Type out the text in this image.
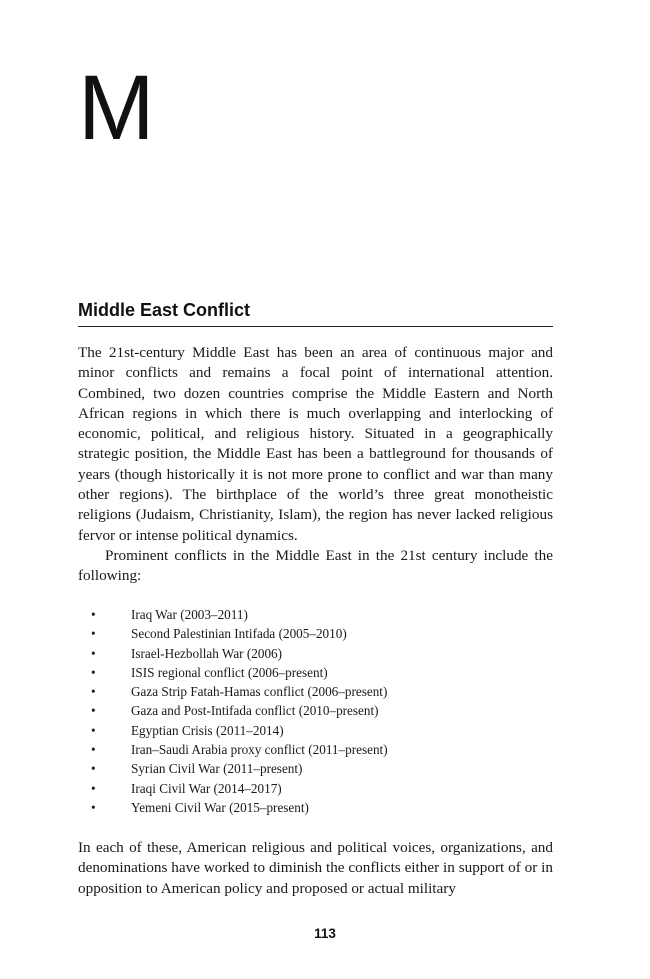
M
Middle East Conflict

The 21st-century Middle East has been an area of continuous major and minor conflicts and remains a focal point of international attention. Combined, two dozen countries comprise the Middle Eastern and North African regions in which there is much overlapping and interlocking of economic, political, and religious history. Situated in a geographically strategic position, the Middle East has been a battleground for thousands of years (though historically it is not more prone to conflict and war than many other regions). The birthplace of the world’s three great monotheistic religions (Judaism, Christianity, Islam), the region has never lacked religious fervor or intense political dynamics.

Prominent conflicts in the Middle East in the 21st century include the following:

•	Iraq War (2003–2011)
•	Second Palestinian Intifada (2005–2010)
•	Israel-Hezbollah War (2006)
•	ISIS regional conflict (2006–present)
•	Gaza Strip Fatah-Hamas conflict (2006–present)
•	Gaza and Post-Intifada conflict (2010–present)
•	Egyptian Crisis (2011–2014)
•	Iran–Saudi Arabia proxy conflict (2011–present)
•	Syrian Civil War (2011–present)
•	Iraqi Civil War (2014–2017)
•	Yemeni Civil War (2015–present)

In each of these, American religious and political voices, organizations, and denominations have worked to diminish the conflicts either in support of or in opposition to American policy and proposed or actual military

113
